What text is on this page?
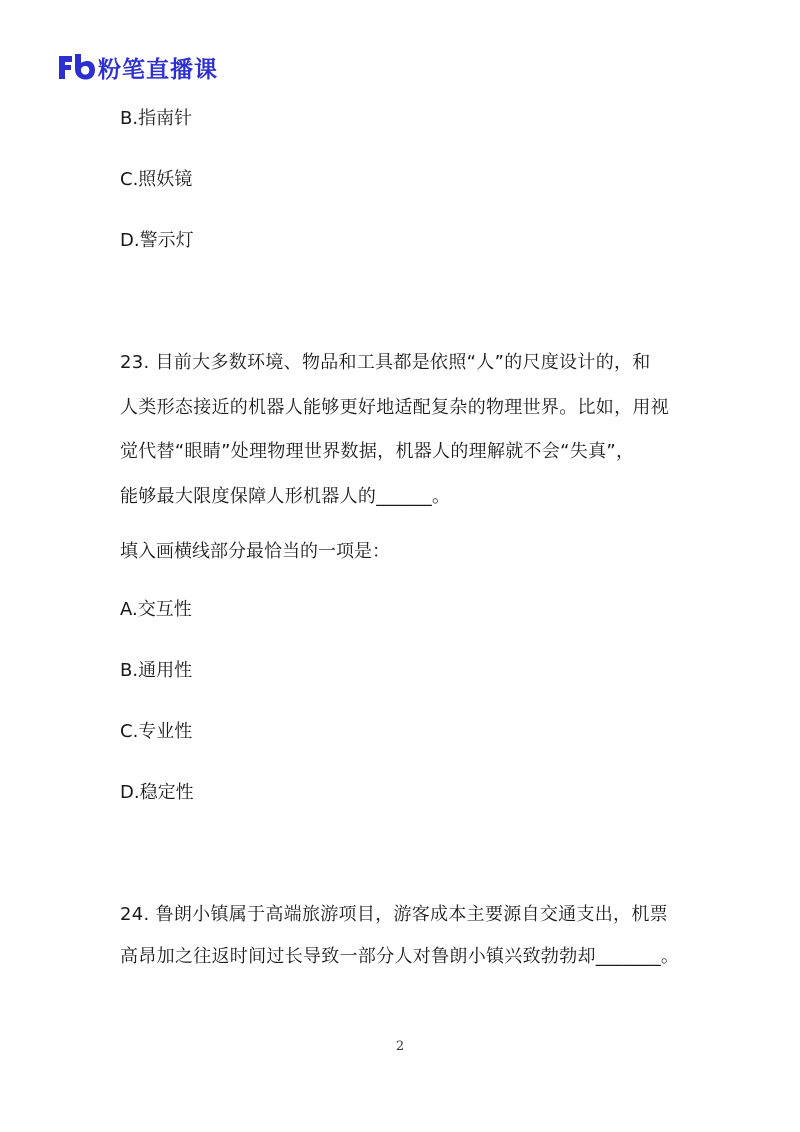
粉笔直播课
B.指南针
C.照妖镜
D.警示灯
23. 目前大多数环境、物品和工具都是依照“人”的尺度设计的，和
人类形态接近的机器人能够更好地适配复杂的物理世界。比如，用视
觉代替“眼睛”处理物理世界数据，机器人的理解就不会“失真”，
能够最大限度保障人形机器人的______。
填入画横线部分最恰当的一项是：
A.交互性
B.通用性
C.专业性
D.稳定性
24. 鲁朗小镇属于高端旅游项目，游客成本主要源自交通支出，机票
高昂加之往返时间过长导致一部分人对鲁朗小镇兴致勃勃却_______。
2
